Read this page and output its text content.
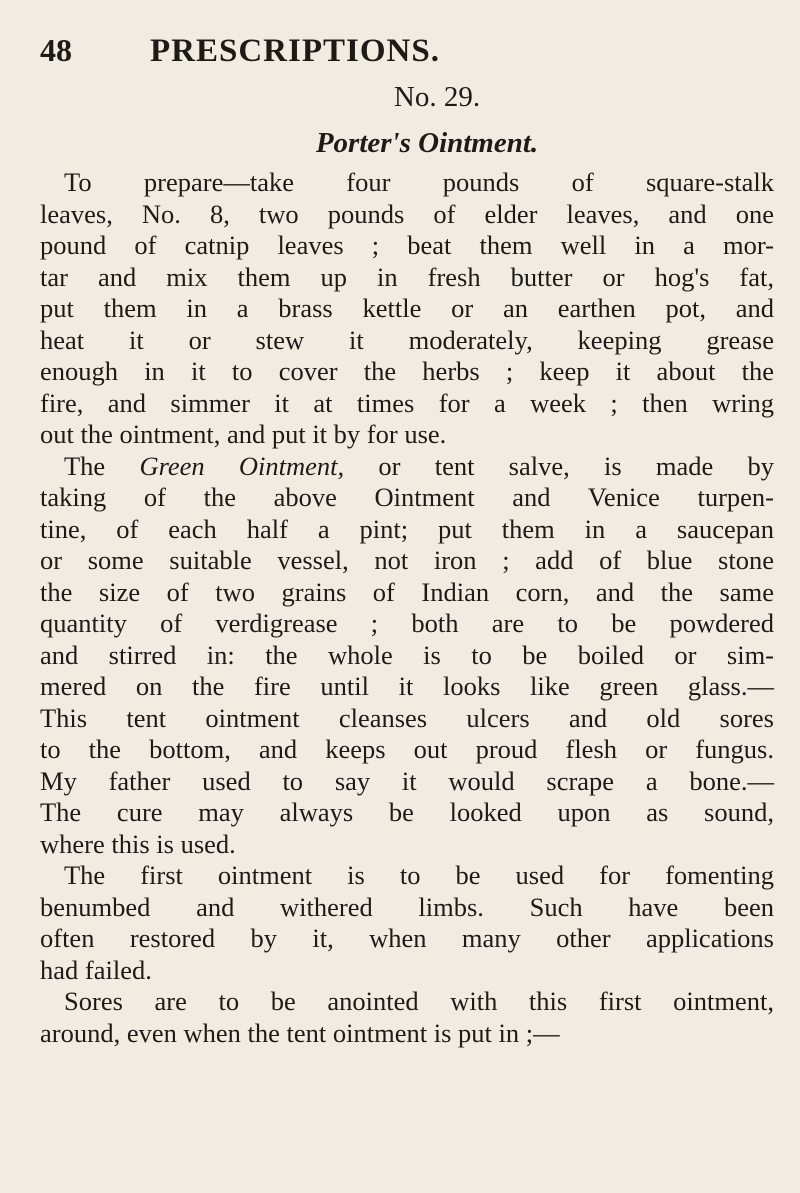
48	PRESCRIPTIONS.
No. 29.
Porter's Ointment.
To prepare—take four pounds of square-stalk
leaves, No. 8, two pounds of elder leaves, and one
pound of catnip leaves ; beat them well in a mor-
tar and mix them up in fresh butter or hog's fat,
put them in a brass kettle or an earthen pot, and
heat it or stew it moderately, keeping grease
enough in it to cover the herbs ; keep it about the
fire, and simmer it at times for a week ; then wring
out the ointment, and put it by for use.
The Green Ointment, or tent salve, is made by
taking of the above Ointment and Venice turpen-
tine, of each half a pint; put them in a saucepan
or some suitable vessel, not iron ; add of blue stone
the size of two grains of Indian corn, and the same
quantity of verdigrease ; both are to be powdered
and stirred in: the whole is to be boiled or sim-
mered on the fire until it looks like green glass.—
This tent ointment cleanses ulcers and old sores
to the bottom, and keeps out proud flesh or fungus.
My father used to say it would scrape a bone.—
The cure may always be looked upon as sound,
where this is used.
The first ointment is to be used for fomenting
benumbed and withered limbs. Such have been
often restored by it, when many other applications
had failed.
Sores are to be anointed with this first ointment,
around, even when the tent ointment is put in ;—
